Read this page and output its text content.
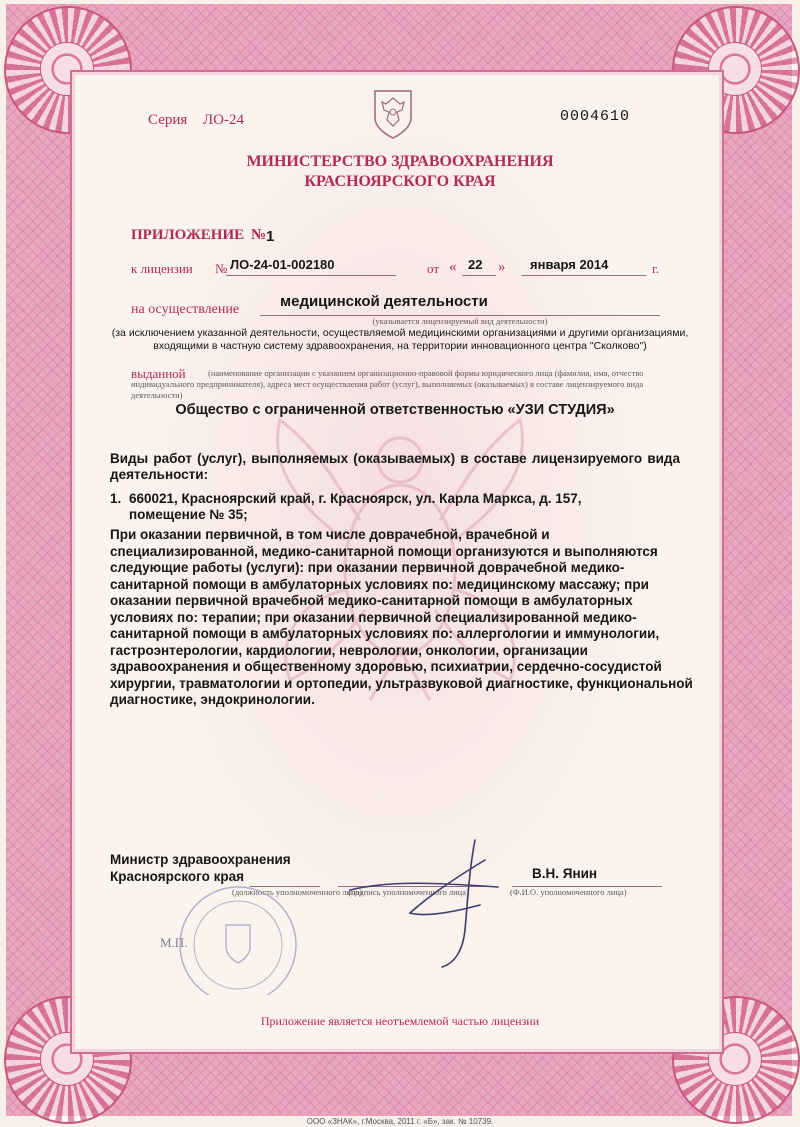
Серия ЛО-24	0004610
МИНИСТЕРСТВО ЗДРАВООХРАНЕНИЯ
КРАСНОЯРСКОГО КРАЯ
ПРИЛОЖЕНИЕ № 1
к лицензии № ЛО-24-01-002180	от « 22 » января 2014	г.
на осуществление	медицинской деятельности
(указывается лицензируемый вид деятельности)
(за исключением указанной деятельности, осуществляемой медицинскими организациями и другими организациями, входящими в частную систему здравоохранения, на территории инновационного центра "Сколково")
выданной	(наименование организации с указанием организационно-правовой формы юридического лица (фамилия, имя, отчество индивидуального предпринимателя), адреса мест осуществления работ (услуг), выполняемых (оказываемых) в составе лицензируемого вида деятельности)
Общество с ограниченной ответственностью «УЗИ СТУДИЯ»
Виды работ (услуг), выполняемых (оказываемых) в составе лицензируемого вида деятельности:
1. 660021, Красноярский край, г. Красноярск, ул. Карла Маркса, д. 157,
помещение № 35;
При оказании первичной, в том числе доврачебной, врачебной и
специализированной, медико-санитарной помощи организуются и выполняются
следующие работы (услуги): при оказании первичной доврачебной медико-
санитарной помощи в амбулаторных условиях по: медицинскому массажу; при
оказании первичной врачебной медико-санитарной помощи в амбулаторных
условиях по: терапии; при оказании первичной специализированной медико-
санитарной помощи в амбулаторных условиях по: аллергологии и иммунологии,
гастроэнтерологии, кардиологии, неврологии, онкологии, организации
здравоохранения и общественному здоровью, психиатрии, сердечно-сосудистой
хирургии, травматологии и ортопедии, ультразвуковой диагностике, функциональной
диагностике, эндокринологии.
Министр здравоохранения
Красноярского края
(должность уполномоченного лица)
(подпись уполномоченного лица)
В.Н. Янин
(Ф.И.О. уполномоченного лица)
М.П.
Приложение является неотъемлемой частью лицензии
ООО «ЗНАК», г.Москва, 2011 г. «Б», зак. № 10739.
